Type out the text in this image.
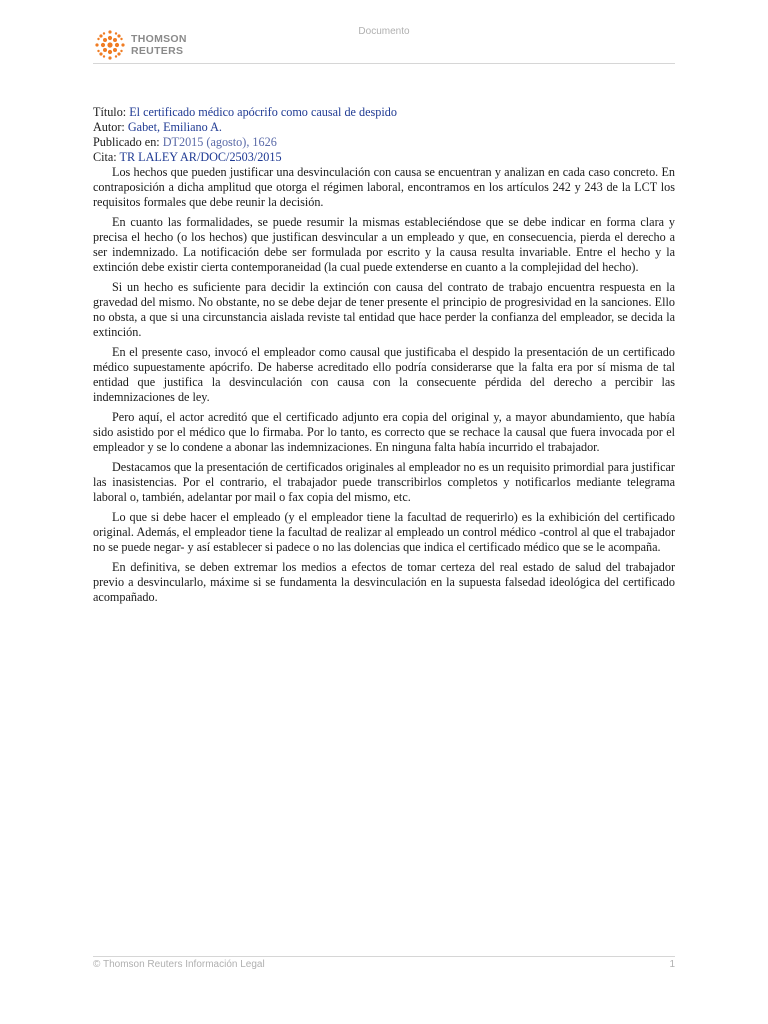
THOMSON
REUTERS
Documento
Título: El certificado médico apócrifo como causal de despido
Autor: Gabet, Emiliano A.
Publicado en: DT2015 (agosto), 1626
Cita: TR LALEY AR/DOC/2503/2015

Los hechos que pueden justificar una desvinculación con causa se encuentran y analizan en cada caso concreto. En contraposición a dicha amplitud que otorga el régimen laboral, encontramos en los artículos 242 y 243 de la LCT los requisitos formales que debe reunir la decisión.

En cuanto las formalidades, se puede resumir la mismas estableciéndose que se debe indicar en forma clara y precisa el hecho (o los hechos) que justifican desvincular a un empleado y que, en consecuencia, pierda el derecho a ser indemnizado. La notificación debe ser formulada por escrito y la causa resulta invariable. Entre el hecho y la extinción debe existir cierta contemporaneidad (la cual puede extenderse en cuanto a la complejidad del hecho).

Si un hecho es suficiente para decidir la extinción con causa del contrato de trabajo encuentra respuesta en la gravedad del mismo. No obstante, no se debe dejar de tener presente el principio de progresividad en la sanciones. Ello no obsta, a que si una circunstancia aislada reviste tal entidad que hace perder la confianza del empleador, se decida la extinción.

En el presente caso, invocó el empleador como causal que justificaba el despido la presentación de un certificado médico supuestamente apócrifo. De haberse acreditado ello podría considerarse que la falta era por sí misma de tal entidad que justifica la desvinculación con causa con la consecuente pérdida del derecho a percibir las indemnizaciones de ley.

Pero aquí, el actor acreditó que el certificado adjunto era copia del original y, a mayor abundamiento, que había sido asistido por el médico que lo firmaba. Por lo tanto, es correcto que se rechace la causal que fuera invocada por el empleador y se lo condene a abonar las indemnizaciones. En ninguna falta había incurrido el trabajador.

Destacamos que la presentación de certificados originales al empleador no es un requisito primordial para justificar las inasistencias. Por el contrario, el trabajador puede transcribirlos completos y notificarlos mediante telegrama laboral o, también, adelantar por mail o fax copia del mismo, etc.

Lo que si debe hacer el empleado (y el empleador tiene la facultad de requerirlo) es la exhibición del certificado original. Además, el empleador tiene la facultad de realizar al empleado un control médico -control al que el trabajador no se puede negar- y así establecer si padece o no las dolencias que indica el certificado médico que se le acompaña.

En definitiva, se deben extremar los medios a efectos de tomar certeza del real estado de salud del trabajador previo a desvincularlo, máxime si se fundamenta la desvinculación en la supuesta falsedad ideológica del certificado acompañado.

© Thomson Reuters Información Legal	1
